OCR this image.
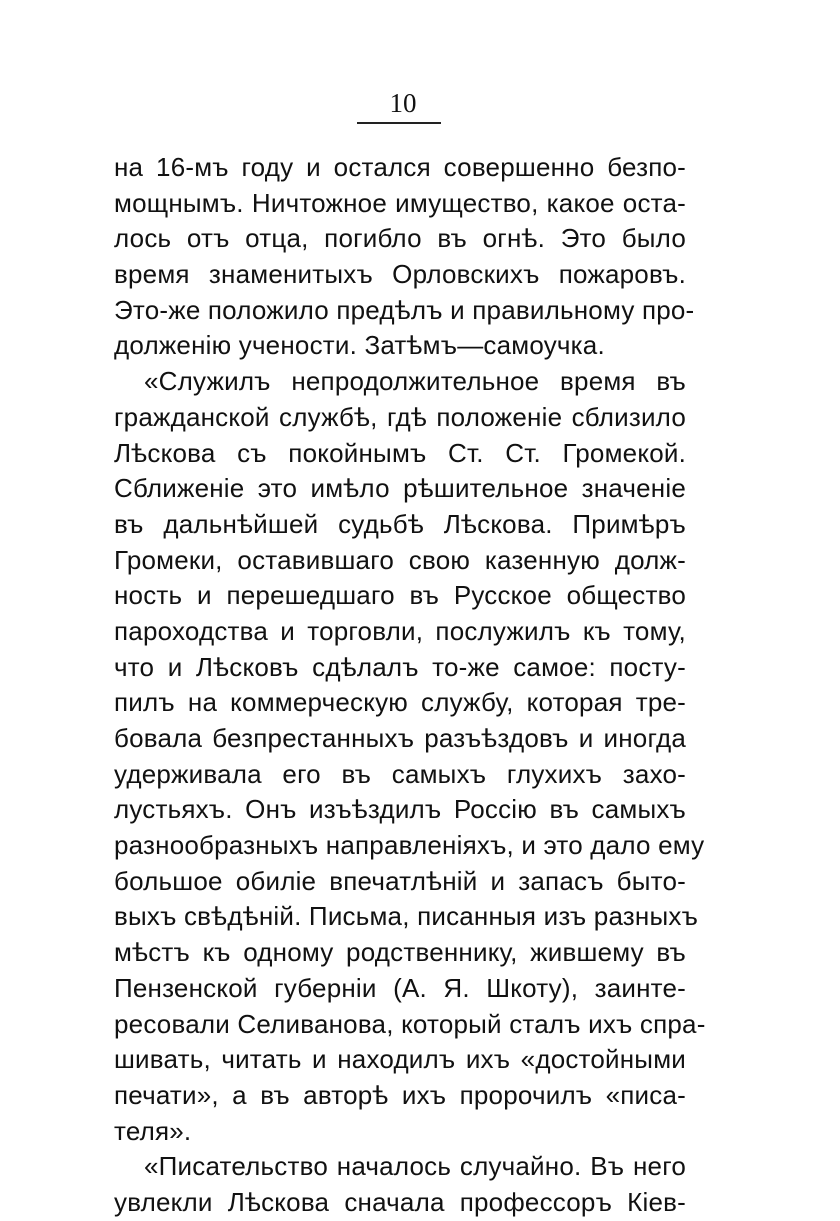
10
на 16-мъ году и остался совершенно безпо-
мощнымъ. Ничтожное имущество, какое оста-
лось отъ отца, погибло въ огнѣ. Это было
время знаменитыхъ Орловскихъ пожаровъ.
Это-же положило предѣлъ и правильному про-
долженiю учености. Затѣмъ—самоучка.
«Служилъ непродолжительное время въ
гражданской службѣ, гдѣ положенiе сблизило
Лѣскова съ покойнымъ Ст. Ст. Громекой.
Сближенiе это имѣло рѣшительное значенiе
въ дальнѣйшей судьбѣ Лѣскова. Примѣръ
Громеки, оставившаго свою казенную долж-
ность и перешедшаго въ Русское общество
пароходства и торговли, послужилъ къ тому,
что и Лѣсковъ сдѣлалъ то-же самое: посту-
пилъ на коммерческую службу, которая тре-
бовала безпрестанныхъ разъѣздовъ и иногда
удерживала его въ самыхъ глухихъ захо-
лустьяхъ. Онъ изъѣздилъ Россiю въ самыхъ
разнообразныхъ направленiяхъ, и это дало ему
большое обилiе впечатлѣнiй и запасъ быто-
выхъ свѣдѣнiй. Письма, писанныя изъ разныхъ
мѣстъ къ одному родственнику, жившему въ
Пензенской губернiи (А. Я. Шкоту), заинте-
ресовали Селиванова, который сталъ ихъ спра-
шивать, читать и находилъ ихъ «достойными
печати», а въ авторѣ ихъ пророчилъ «писа-
теля».
«Писательство началось случайно. Въ него
увлекли Лѣскова сначала профессоръ Кiев-
